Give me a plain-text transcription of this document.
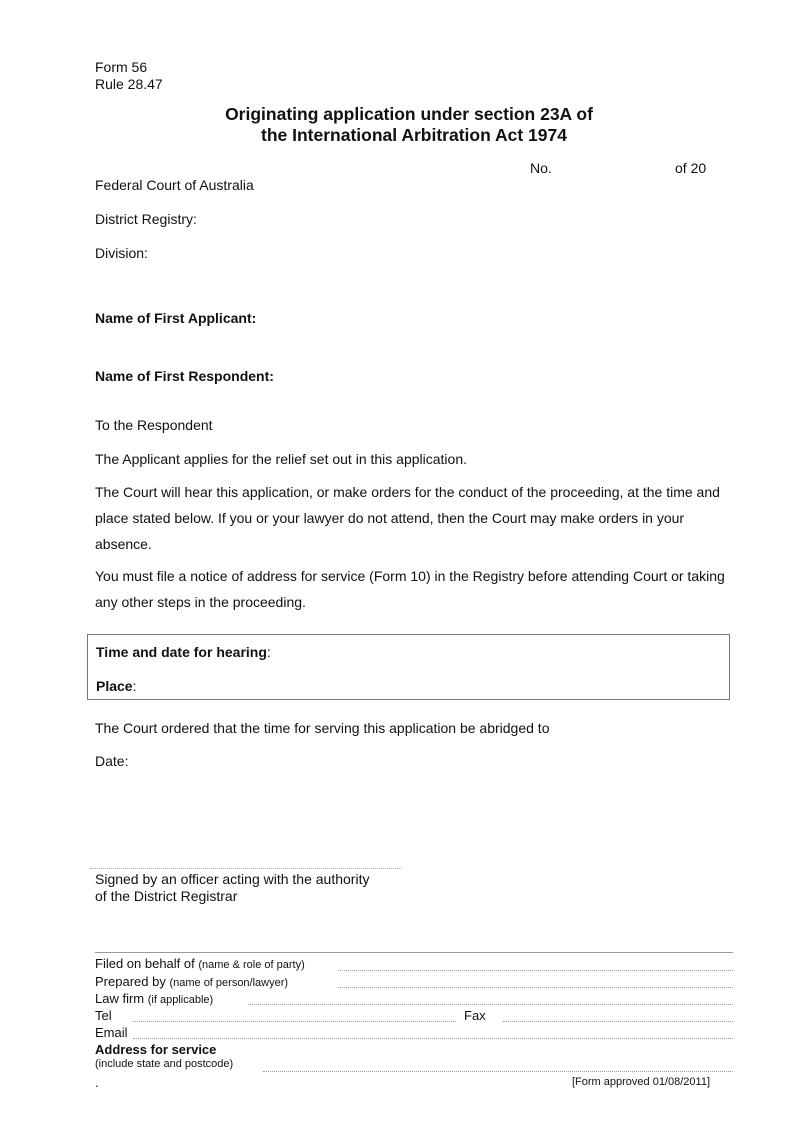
Form 56
Rule 28.47
Originating application under section 23A of
the International Arbitration Act 1974
No.	of 20
Federal Court of Australia
District Registry:
Division:
Name of First Applicant:
Name of First Respondent:
To the Respondent
The Applicant applies for the relief set out in this application.
The Court will hear this application, or make orders for the conduct of the proceeding, at the time and place stated below. If you or your lawyer do not attend, then the Court may make orders in your absence.
You must file a notice of address for service (Form 10) in the Registry before attending Court or taking any other steps in the proceeding.
Time and date for hearing:
Place:
The Court ordered that the time for serving this application be abridged to
Date:
Signed by an officer acting with the authority
of the District Registrar
Filed on behalf of (name & role of party)
Prepared by (name of person/lawyer)
Law firm (if applicable)
Tel	Fax
Email
Address for service
(include state and postcode)
.	[Form approved 01/08/2011]
